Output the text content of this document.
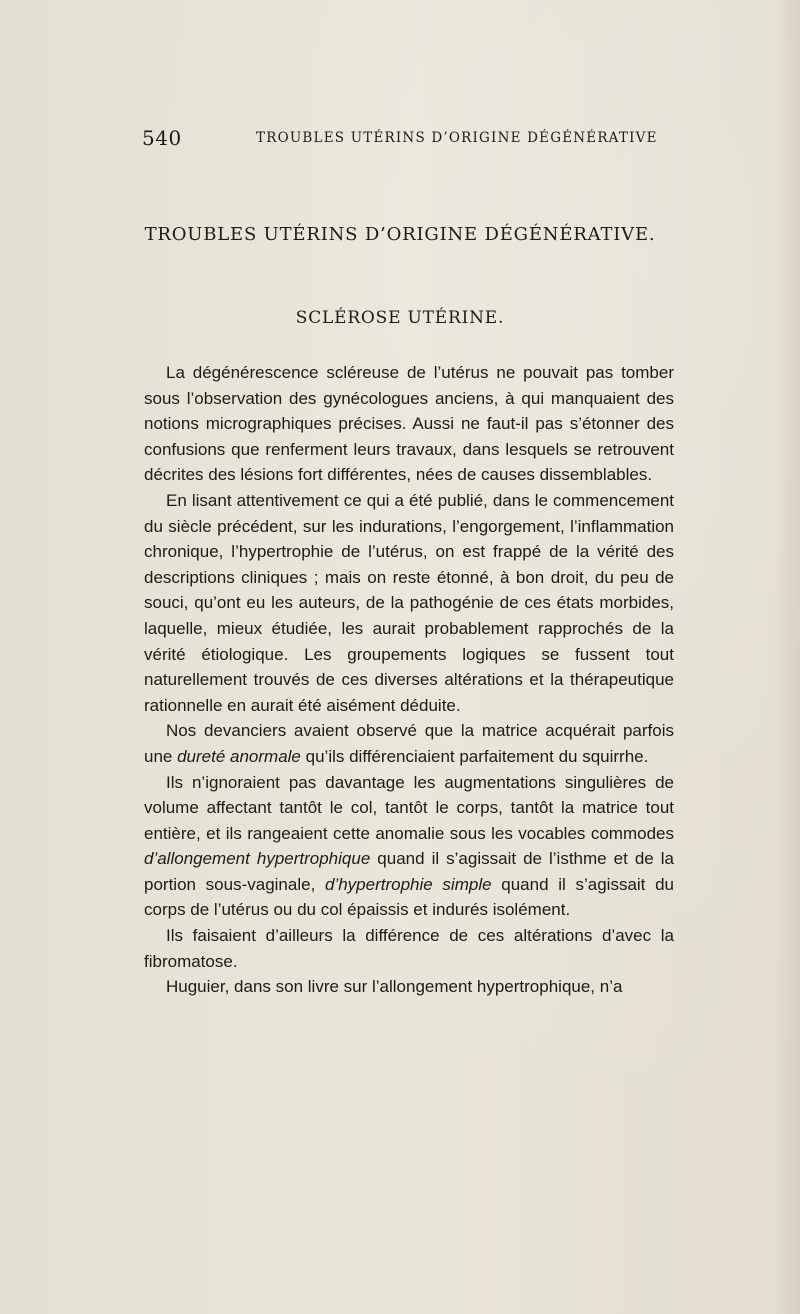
540	TROUBLES UTÉRINS D’ORIGINE DÉGÉNÉRATIVE
TROUBLES UTÉRINS D’ORIGINE DÉGÉNÉRATIVE.
SCLÉROSE UTÉRINE.

La dégénérescence scléreuse de l’utérus ne pouvait pas tomber sous l’observation des gynécologues anciens, à qui manquaient des notions micrographiques précises. Aussi ne faut-il pas s’étonner des confusions que renferment leurs travaux, dans lesquels se retrouvent décrites des lésions fort différentes, nées de causes dissemblables.

En lisant attentivement ce qui a été publié, dans le commencement du siècle précédent, sur les indurations, l’engorgement, l’inflammation chronique, l’hypertrophie de l’utérus, on est frappé de la vérité des descriptions cliniques ; mais on reste étonné, à bon droit, du peu de souci, qu’ont eu les auteurs, de la pathogénie de ces états morbides, laquelle, mieux étudiée, les aurait probablement rapprochés de la vérité étiologique. Les groupements logiques se fussent tout naturellement trouvés de ces diverses altérations et la thérapeutique rationnelle en aurait été aisément déduite.

Nos devanciers avaient observé que la matrice acquérait parfois une dureté anormale qu’ils différenciaient parfaitement du squirrhe.

Ils n’ignoraient pas davantage les augmentations singulières de volume affectant tantôt le col, tantôt le corps, tantôt la matrice tout entière, et ils rangeaient cette anomalie sous les vocables commodes d’allongement hypertrophique quand il s’agissait de l’isthme et de la portion sous-vaginale, d’hypertrophie simple quand il s’agissait du corps de l’utérus ou du col épaissis et indurés isolément.

Ils faisaient d’ailleurs la différence de ces altérations d’avec la fibromatose.

Huguier, dans son livre sur l’allongement hypertrophique, n’a
